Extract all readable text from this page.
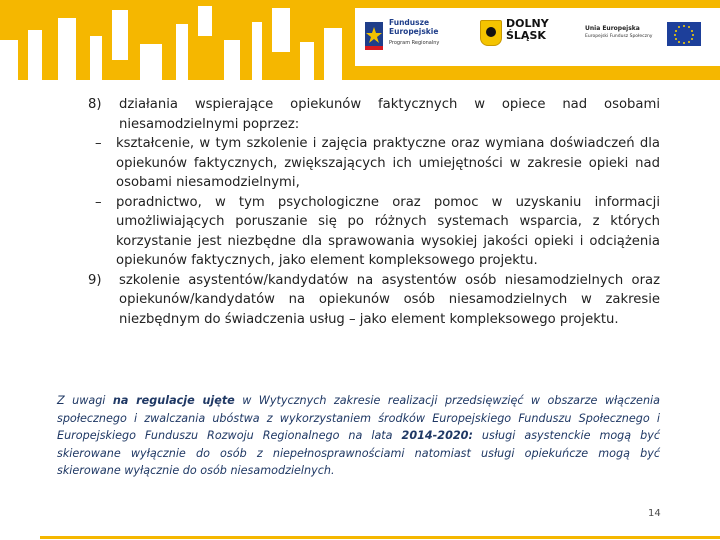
Fundusze
Europejskie
Program Regionalny
DOLNY
ŚLĄSK
Unia Europejska
Europejski Fundusz Społeczny
8) działania wspierające opiekunów faktycznych w opiece nad osobami niesamodzielnymi poprzez:
– kształcenie, w tym szkolenie i zajęcia praktyczne oraz wymiana doświadczeń dla opiekunów faktycznych, zwiększających ich umiejętności w zakresie opieki nad osobami niesamodzielnymi,
– poradnictwo, w tym psychologiczne oraz pomoc w uzyskaniu informacji umożliwiających poruszanie się po różnych systemach wsparcia, z których korzystanie jest niezbędne dla sprawowania wysokiej jakości opieki i odciążenia opiekunów faktycznych, jako element kompleksowego projektu.
9) szkolenie asystentów/kandydatów na asystentów osób niesamodzielnych oraz opiekunów/kandydatów na opiekunów osób niesamodzielnych w zakresie niezbędnym do świadczenia usług – jako element kompleksowego projektu.
Z uwagi na regulacje ujęte w Wytycznych zakresie realizacji przedsięwzięć w obszarze włączenia społecznego i zwalczania ubóstwa z wykorzystaniem środków Europejskiego Funduszu Społecznego i Europejskiego Funduszu Rozwoju Regionalnego na lata 2014-2020: usługi asystenckie mogą być skierowane wyłącznie do osób z niepełnosprawnościami natomiast usługi opiekuńcze mogą być skierowane wyłącznie do osób niesamodzielnych.
14
